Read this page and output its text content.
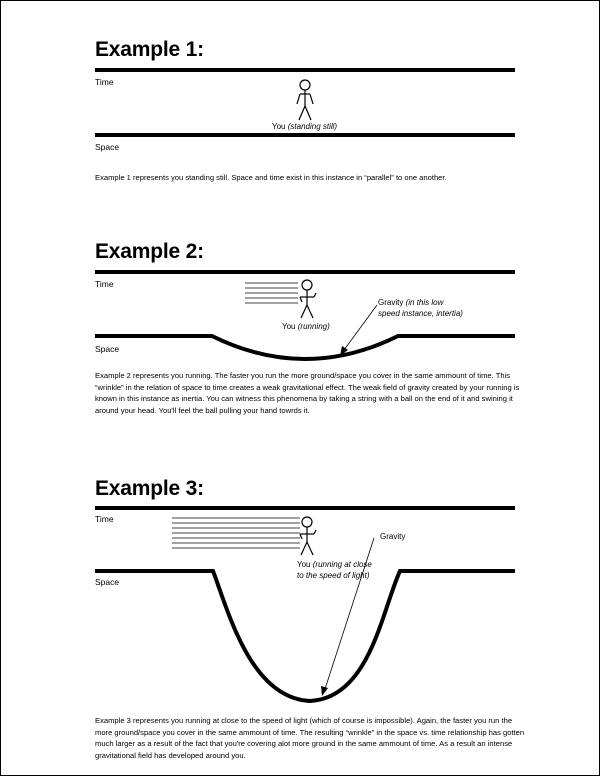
Example 1:
Time
Space
You (standing still)
Example 1 represents you standing still. Space and time exist in this instance in “parallel” to one another.
Example 2:
Time
Space
You (running)
Gravity (in this low
speed instance, intertia)
Example 2 represents you running. The faster you run the more ground/space you cover in the same ammount of time. This “wrinkle” in the relation of space to time creates a weak gravitational effect. The weak field of gravity created by your running is known in this instance as inertia. You can witness this phenomena by taking a string with a ball on the end of it and swining it around your head. You'll feel the ball pulling your hand towrds it.
Example 3:
Time
Space
You (running at close
to the speed of light)
Gravity
Example 3 represents you running at close to the speed of light (which of course is impossible). Again, the faster you run the more ground/space you cover in the same ammount of time. The resulting “wrinkle” in the space vs. time relationship has gotten much larger as a result of the fact that you're covering alot more ground in the same ammount of time. As a result an intense gravitational field has developed around you.
